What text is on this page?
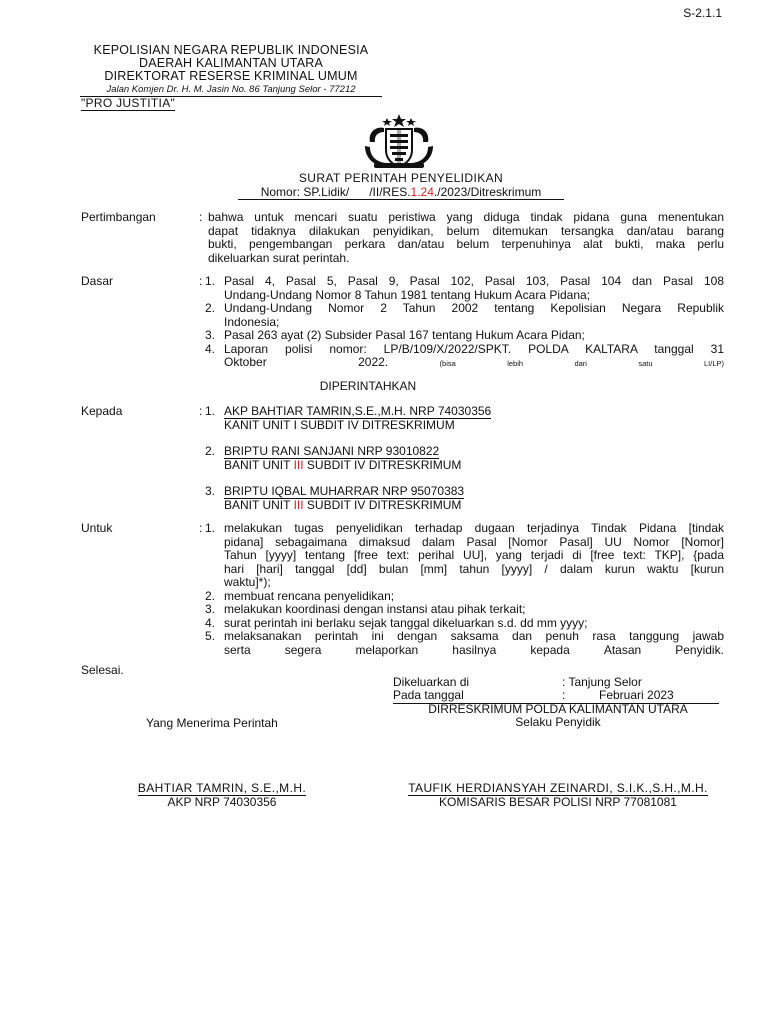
S-2.1.1
KEPOLISIAN NEGARA REPUBLIK INDONESIA
DAERAH KALIMANTAN UTARA
DIREKTORAT RESERSE KRIMINAL UMUM
Jalan Komjen Dr. H. M. Jasin No. 86 Tanjung Selor - 77212
"PRO JUSTITIA"
SURAT PERINTAH PENYELIDIKAN
Nomor: SP.Lidik/      /II/RES.1.24./2023/Ditreskrimum
Pertimbangan	: bahwa untuk mencari suatu peristiwa yang diduga tindak pidana guna menentukan
dapat tidaknya dilakukan penyidikan, belum ditemukan tersangka dan/atau barang
bukti, pengembangan perkara dan/atau belum terpenuhinya alat bukti, maka perlu
dikeluarkan surat perintah.
Dasar	: 1. Pasal 4, Pasal 5, Pasal 9, Pasal 102, Pasal 103, Pasal 104 dan Pasal 108
Undang-Undang Nomor 8 Tahun 1981 tentang Hukum Acara Pidana;
2. Undang-Undang Nomor 2 Tahun 2002 tentang Kepolisian Negara Republik
Indonesia;
3. Pasal 263 ayat (2) Subsider Pasal 167 tentang Hukum Acara Pidan;
4. Laporan polisi nomor: LP/B/109/X/2022/SPKT. POLDA KALTARA tanggal 31
Oktober	2022.	(bisa	lebih	dari	satu	LI/LP)
DIPERINTAHKAN
Kepada	: 1. AKP BAHTIAR TAMRIN,S.E.,M.H. NRP 74030356
KANIT UNIT I SUBDIT IV DITRESKRIMUM
2. BRIPTU RANI SANJANI NRP 93010822
BANIT UNIT III SUBDIT IV DITRESKRIMUM
3. BRIPTU IQBAL MUHARRAR NRP 95070383
BANIT UNIT III SUBDIT IV DITRESKRIMUM
Untuk	: 1. melakukan tugas penyelidikan terhadap dugaan terjadinya Tindak Pidana [tindak
pidana] sebagaimana dimaksud dalam Pasal [Nomor Pasal] UU Nomor [Nomor]
Tahun [yyyy] tentang [free text: perihal UU], yang terjadi di [free text: TKP], {pada
hari [hari] tanggal [dd] bulan [mm] tahun [yyyy] / dalam kurun waktu [kurun
waktu]*);
2. membuat rencana penyelidikan;
3. melakukan koordinasi dengan instansi atau pihak terkait;
4. surat perintah ini berlaku sejak tanggal dikeluarkan s.d. dd mm yyyy;
5. melaksanakan perintah ini dengan saksama dan penuh rasa tanggung jawab
serta	segera	melaporkan	hasilnya	kepada	Atasan	Penyidik.
Selesai.
Dikeluarkan di	: Tanjung Selor
Pada tanggal	:	Februari 2023
DIRRESKRIMUM POLDA KALIMANTAN UTARA
Selaku Penyidik
Yang Menerima Perintah
BAHTIAR TAMRIN, S.E.,M.H.
AKP NRP 74030356
TAUFIK HERDIANSYAH ZEINARDI, S.I.K.,S.H.,M.H.
KOMISARIS BESAR POLISI NRP 77081081
